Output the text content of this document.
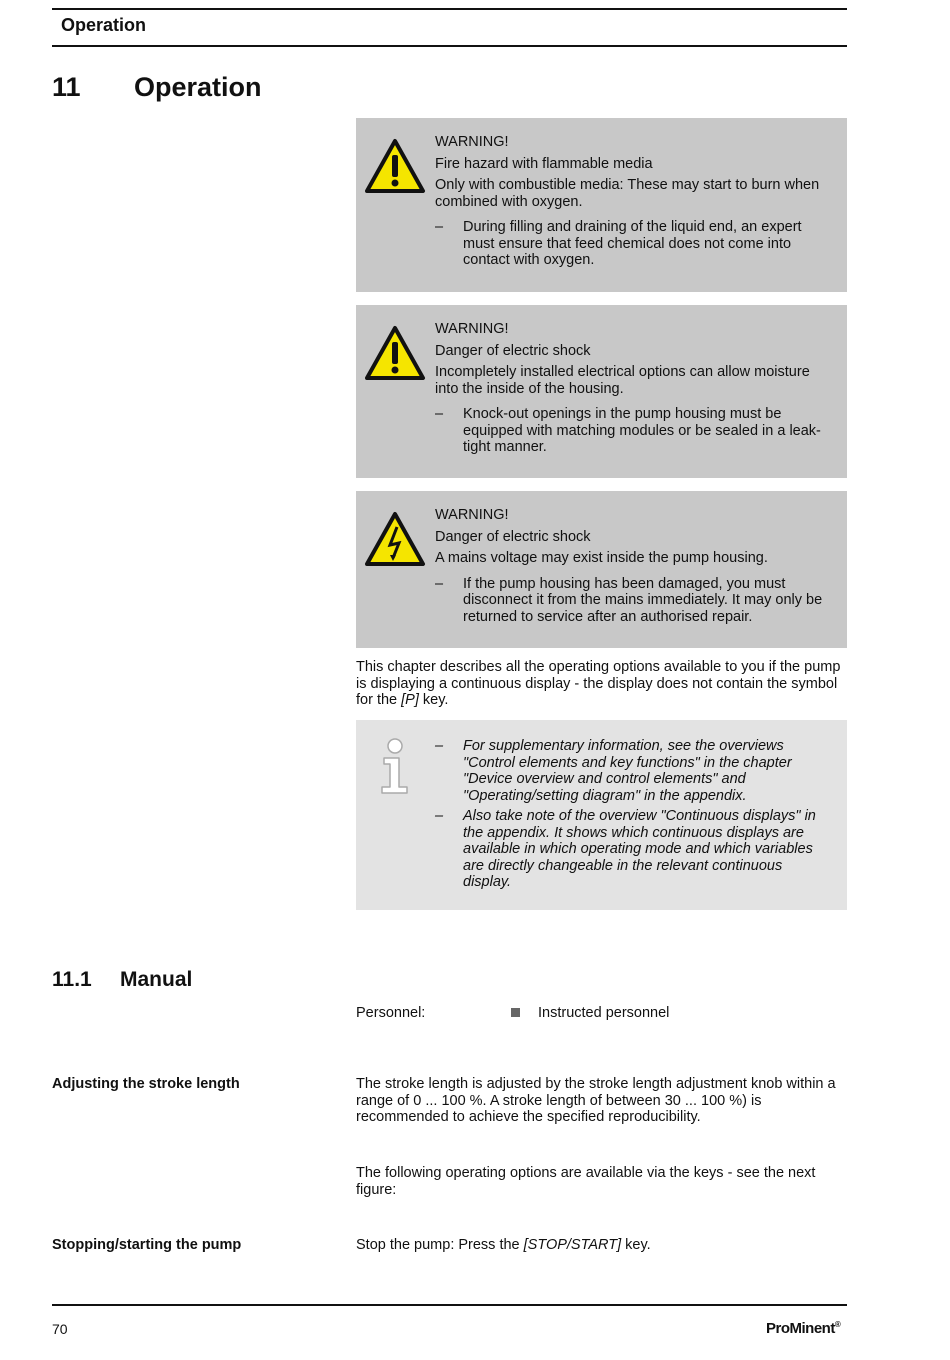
Operation
11 Operation
WARNING!
Fire hazard with flammable media
Only with combustible media: These may start to burn when combined with oxygen.
–	During filling and draining of the liquid end, an expert must ensure that feed chemical does not come into contact with oxygen.
WARNING!
Danger of electric shock
Incompletely installed electrical options can allow moisture into the inside of the housing.
–	Knock-out openings in the pump housing must be equipped with matching modules or be sealed in a leak-tight manner.
WARNING!
Danger of electric shock
A mains voltage may exist inside the pump housing.
–	If the pump housing has been damaged, you must disconnect it from the mains immediately. It may only be returned to service after an authorised repair.
This chapter describes all the operating options available to you if the pump is displaying a continuous display - the display does not contain the symbol for the [P] key.
–	For supplementary information, see the overviews "Control elements and key functions" in the chapter "Device overview and control elements" and "Operating/setting diagram" in the appendix.
–	Also take note of the overview "Continuous displays" in the appendix. It shows which continuous displays are available in which operating mode and which variables are directly changeable in the relevant continuous display.
11.1 Manual
Personnel:	Instructed personnel
Adjusting the stroke length	The stroke length is adjusted by the stroke length adjustment knob within a range of 0 ... 100 %. A stroke length of between 30 ... 100 %) is recommended to achieve the specified reproducibility.
The following operating options are available via the keys - see the next figure:
Stopping/starting the pump	Stop the pump: Press the [STOP/START] key.
70	ProMinent®
